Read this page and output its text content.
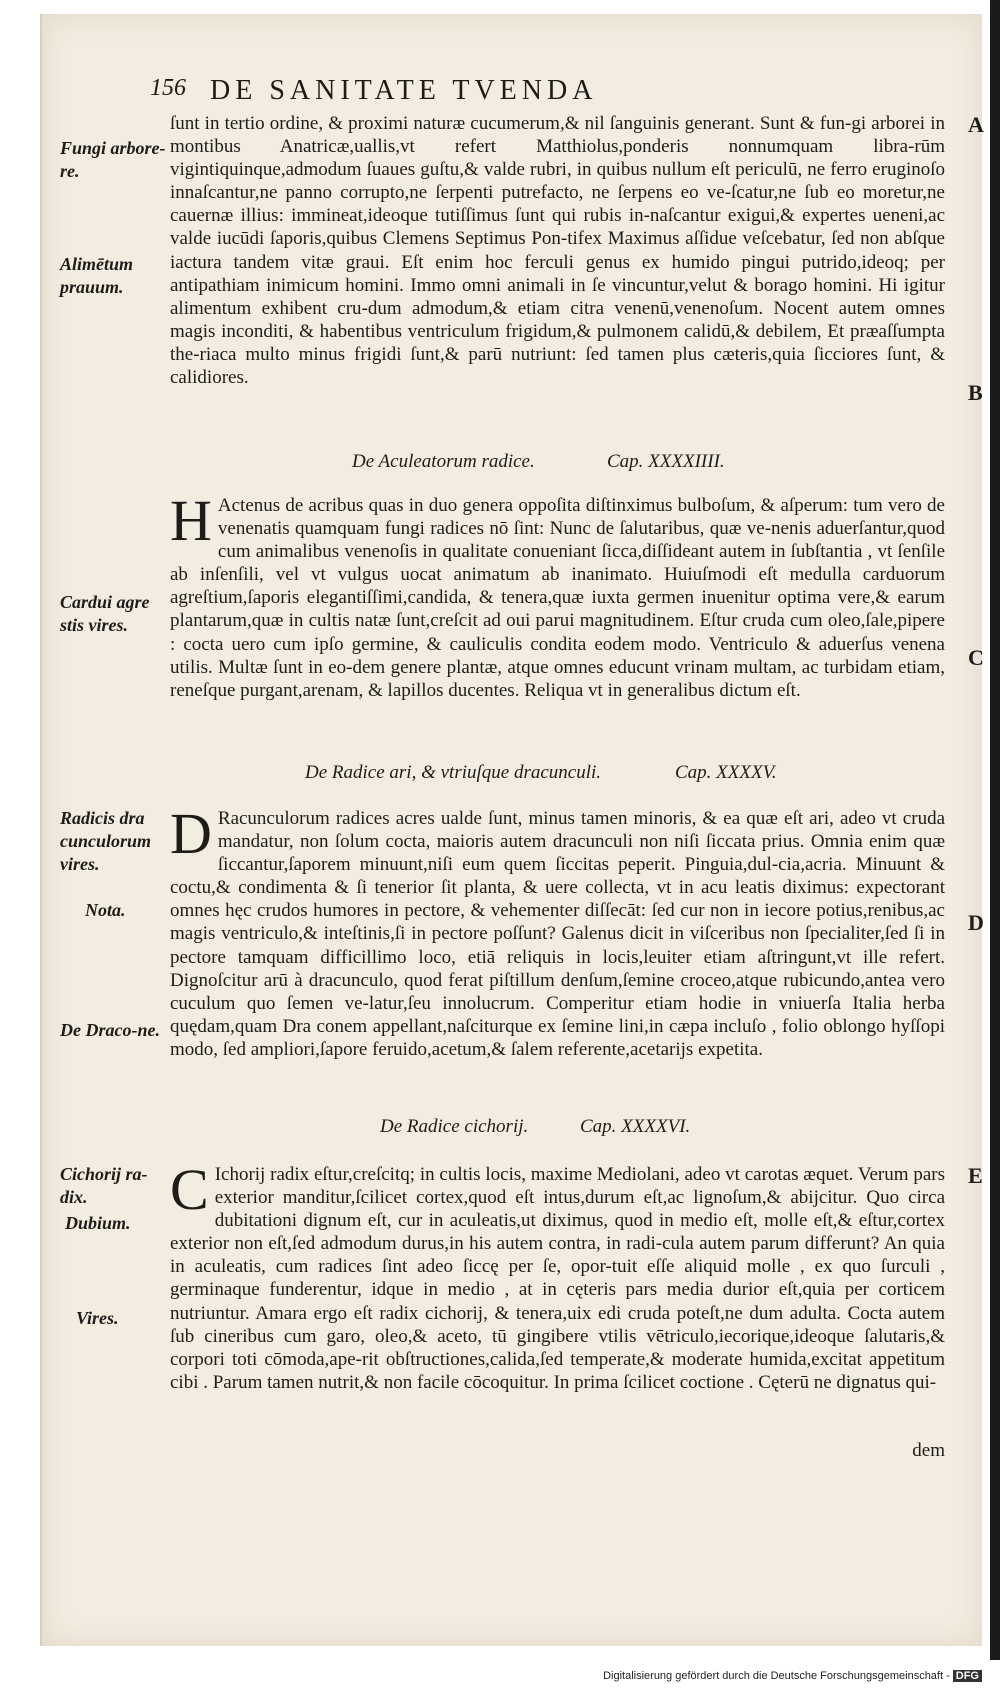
156 DE SANITATE TVENDA
ſunt in tertio ordine, & proximi naturæ cucumerum,& nil ſanguinis generant. Sunt & fun-gi arborei in montibus Anatricæ,uallis,vt refert Matthiolus,ponderis nonnumquam libra-rūm vigintiquinque,admodum ſuaues guſtu,& valde rubri, in quibus nullum eſt periculū, ne ferro eruginoſo innaſcantur,ne panno corrupto,ne ſerpenti putrefacto, ne ſerpens eo ve-ſcatur,ne ſub eo moretur,ne cauernæ illius: immineat,ideoque tutiſſimus ſunt qui rubis in-naſcantur exigui,& expertes ueneni,ac valde iucūdi ſaporis,quibus Clemens Septimus Pon-tifex Maximus aſſidue veſcebatur, ſed non abſque iactura tandem vitæ graui. Eſt enim hoc ferculi genus ex humido pingui putrido,ideoq; per antipathiam inimicum homini. Immo omni animali in ſe vincuntur,velut & borago homini. Hi igitur alimentum exhibent cru-dum admodum,& etiam citra venenū,venenoſum. Nocent autem omnes magis inconditi, & habentibus ventriculum frigidum,& pulmonem calidū,& debilem, Et præaſſumpta the-riaca multo minus frigidi ſunt,& parū nutriunt: ſed tamen plus cæteris,quia ſicciores ſunt, & calidiores.
Fungi arbore-re.
Alimētum prauum.
A
B
De Aculeatorum radice.	Cap. XXXXIIII.
H Actenus de acribus quas in duo genera oppoſita diſtinximus bulboſum, & aſperum: tum vero de venenatis quamquam fungi radices nō ſint: Nunc de ſalutaribus, quæ ve-nenis aduerſantur,quod cum animalibus venenoſis in qualitate conueniant ſicca,diſſideant autem in ſubſtantia , vt ſenſile ab inſenſili, vel vt vulgus uocat animatum ab inanimato. Huiuſmodi eſt medulla carduorum agreſtium,ſaporis elegantiſſimi,candida, & tenera,quæ iuxta germen inuenitur optima vere,& earum plantarum,quæ in cultis natæ ſunt,creſcit ad oui parui magnitudinem. Eſtur cruda cum oleo,ſale,pipere : cocta uero cum ipſo germine, & cauliculis condita eodem modo. Ventriculo & aduerſus venena utilis. Multæ ſunt in eo-dem genere plantæ, atque omnes educunt vrinam multam, ac turbidam etiam, reneſque purgant,arenam, & lapillos ducentes. Reliqua vt in generalibus dictum eſt.
Cardui agre stis vires.
C
De Radice ari, & vtriuſque dracunculi.	Cap. XXXXV.
D Racunculorum radices acres ualde ſunt, minus tamen minoris, & ea quæ eſt ari, adeo vt cruda mandatur, non ſolum cocta, maioris autem dracunculi non niſi ſiccata prius. Omnia enim quæ ſiccantur,ſaporem minuunt,niſi eum quem ſiccitas peperit. Pinguia,dul-cia,acria. Minuunt & coctu,& condimenta & ſi tenerior ſit planta, & uere collecta, vt in acu leatis diximus: expectorant omnes hęc crudos humores in pectore, & vehementer diſſecāt: ſed cur non in iecore potius,renibus,ac magis ventriculo,& inteſtinis,ſi in pectore poſſunt? Galenus dicit in viſceribus non ſpecialiter,ſed ſi in pectore tamquam difficillimo loco, etiā reliquis in locis,leuiter etiam aſtringunt,vt ille refert. Dignoſcitur arū à dracunculo, quod ferat piſtillum denſum,ſemine croceo,atque rubicundo,antea vero cuculum quo ſemen ve-latur,ſeu innolucrum. Comperitur etiam hodie in vniuerſa Italia herba quędam,quam Dra conem appellant,naſciturque ex ſemine lini,in cæpa incluſo , folio oblongo hyſſopi modo, ſed ampliori,ſapore feruido,acetum,& ſalem referente,acetarijs expetita.
Radicis dra cunculorum vires.
Nota.
De Draco-ne.
D
De Radice cichorij.	Cap. XXXXVI.
C Ichorij radix eſtur,creſcitq; in cultis locis, maxime Mediolani, adeo vt carotas æquet. Verum pars exterior manditur,ſcilicet cortex,quod eſt intus,durum eſt,ac lignoſum,& abijcitur. Quo circa dubitationi dignum eſt, cur in aculeatis,ut diximus, quod in medio eſt, molle eſt,& eſtur,cortex exterior non eſt,ſed admodum durus,in his autem contra, in radi-cula autem parum differunt? An quia in aculeatis, cum radices ſint adeo ſiccę per ſe, opor-tuit eſſe aliquid molle , ex quo ſurculi , germinaque funderentur, idque in medio , at in cęteris pars media durior eſt,quia per corticem nutriuntur. Amara ergo eſt radix cichorij, & tenera,uix edi cruda poteſt,ne dum adulta. Cocta autem ſub cineribus cum garo, oleo,& aceto, tū gingibere vtilis vētriculo,iecorique,ideoque ſalutaris,& corpori toti cōmoda,ape-rit obſtructiones,calida,ſed temperate,& moderate humida,excitat appetitum cibi . Parum tamen nutrit,& non facile cōcoquitur. In prima ſcilicet coctione . Cęterū ne dignatus qui-
dem
Cichorij ra-dix.
Dubium.
Vires.
E
Digitalisierung gefördert durch die Deutsche Forschungsgemeinschaft - DFG
